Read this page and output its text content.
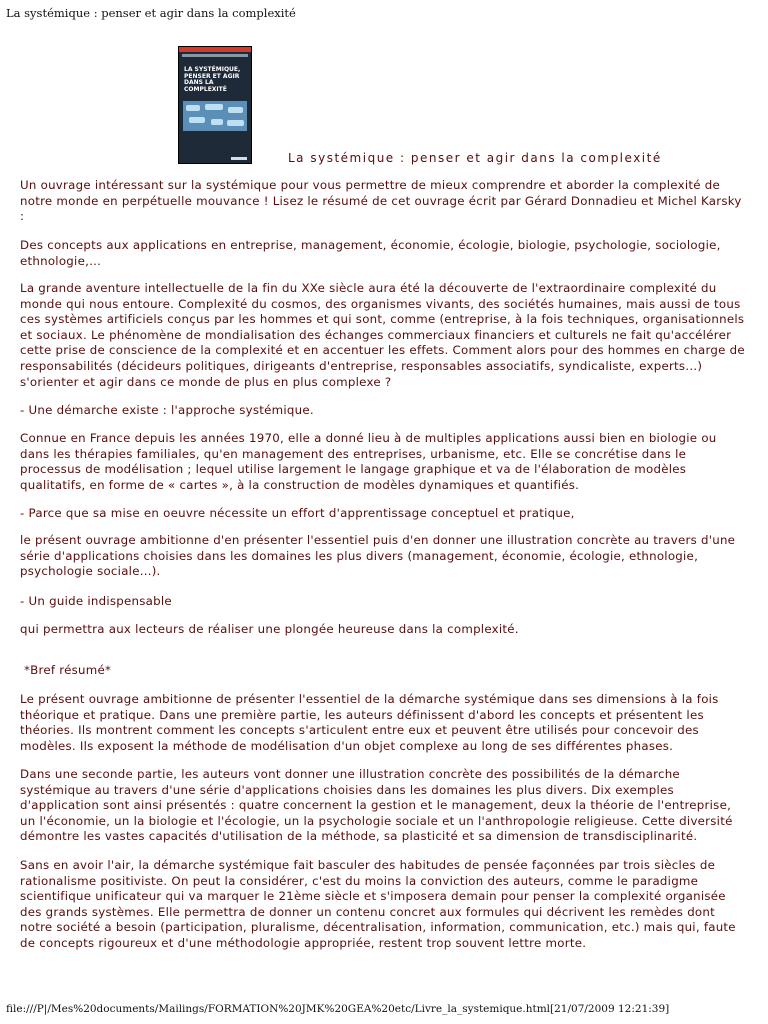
La systémique : penser et agir dans la complexité
LA SYSTÉMIQUE,
PENSER ET AGIR
DANS LA COMPLEXITÉ
La systémique : penser et agir dans la complexité

Un ouvrage intéressant sur la systémique pour vous permettre de mieux comprendre et aborder la complexité de notre monde en perpétuelle mouvance ! Lisez le résumé de cet ouvrage écrit par Gérard Donnadieu et Michel Karsky :

Des concepts aux applications en entreprise, management, économie, écologie, biologie, psychologie, sociologie, ethnologie,…

La grande aventure intellectuelle de la fin du XXe siècle aura été la découverte de l'extraordinaire complexité du monde qui nous entoure. Complexité du cosmos, des organismes vivants, des sociétés humaines, mais aussi de tous ces systèmes artificiels conçus par les hommes et qui sont, comme (entreprise, à la fois techniques, organisationnels et sociaux. Le phénomène de mondialisation des échanges commerciaux financiers et culturels ne fait qu'accélérer cette prise de conscience de la complexité et en accentuer les effets. Comment alors pour des hommes en charge de responsabilités (décideurs politiques, dirigeants d'entreprise, responsables associatifs, syndicaliste, experts...) s'orienter et agir dans ce monde de plus en plus complexe ?

- Une démarche existe : l'approche systémique.

Connue en France depuis les années 1970, elle a donné lieu à de multiples applications aussi bien en biologie ou dans les thérapies familiales, qu'en management des entreprises, urbanisme, etc. Elle se concrétise dans le processus de modélisation ; lequel utilise largement le langage graphique et va de l'élaboration de modèles qualitatifs, en forme de « cartes », à la construction de modèles dynamiques et quantifiés.

- Parce que sa mise en oeuvre nécessite un effort d'apprentissage conceptuel et pratique,

le présent ouvrage ambitionne d'en présenter l'essentiel puis d'en donner une illustration concrète au travers d'une série d'applications choisies dans les domaines les plus divers (management, économie, écologie, ethnologie, psychologie sociale...).

- Un guide indispensable

qui permettra aux lecteurs de réaliser une plongée heureuse dans la complexité.

*Bref résumé*

Le présent ouvrage ambitionne de présenter l'essentiel de la démarche systémique dans ses dimensions à la fois théorique et pratique. Dans une première partie, les auteurs définissent d'abord les concepts et présentent les théories. Ils montrent comment les concepts s'articulent entre eux et peuvent être utilisés pour concevoir des modèles. Ils exposent la méthode de modélisation d'un objet complexe au long de ses différentes phases.

Dans une seconde partie, les auteurs vont donner une illustration concrète des possibilités de la démarche systémique au travers d'une série d'applications choisies dans les domaines les plus divers. Dix exemples d'application sont ainsi présentés : quatre concernent la gestion et le management, deux la théorie de l'entreprise, un l'économie, un la biologie et l'écologie, un la psychologie sociale et un l'anthropologie religieuse. Cette diversité démontre les vastes capacités d'utilisation de la méthode, sa plasticité et sa dimension de transdisciplinarité.

Sans en avoir l'air, la démarche systémique fait basculer des habitudes de pensée façonnées par trois siècles de rationalisme positiviste. On peut la considérer, c'est du moins la conviction des auteurs, comme le paradigme scientifique unificateur qui va marquer le 21ème siècle et s'imposera demain pour penser la complexité organisée des grands systèmes. Elle permettra de donner un contenu concret aux formules qui décrivent les remèdes dont notre société a besoin (participation, pluralisme, décentralisation, information, communication, etc.) mais qui, faute de concepts rigoureux et d'une méthodologie appropriée, restent trop souvent lettre morte.

file:///P|/Mes%20documents/Mailings/FORMATION%20JMK%20GEA%20etc/Livre_la_systemique.html[21/07/2009 12:21:39]
